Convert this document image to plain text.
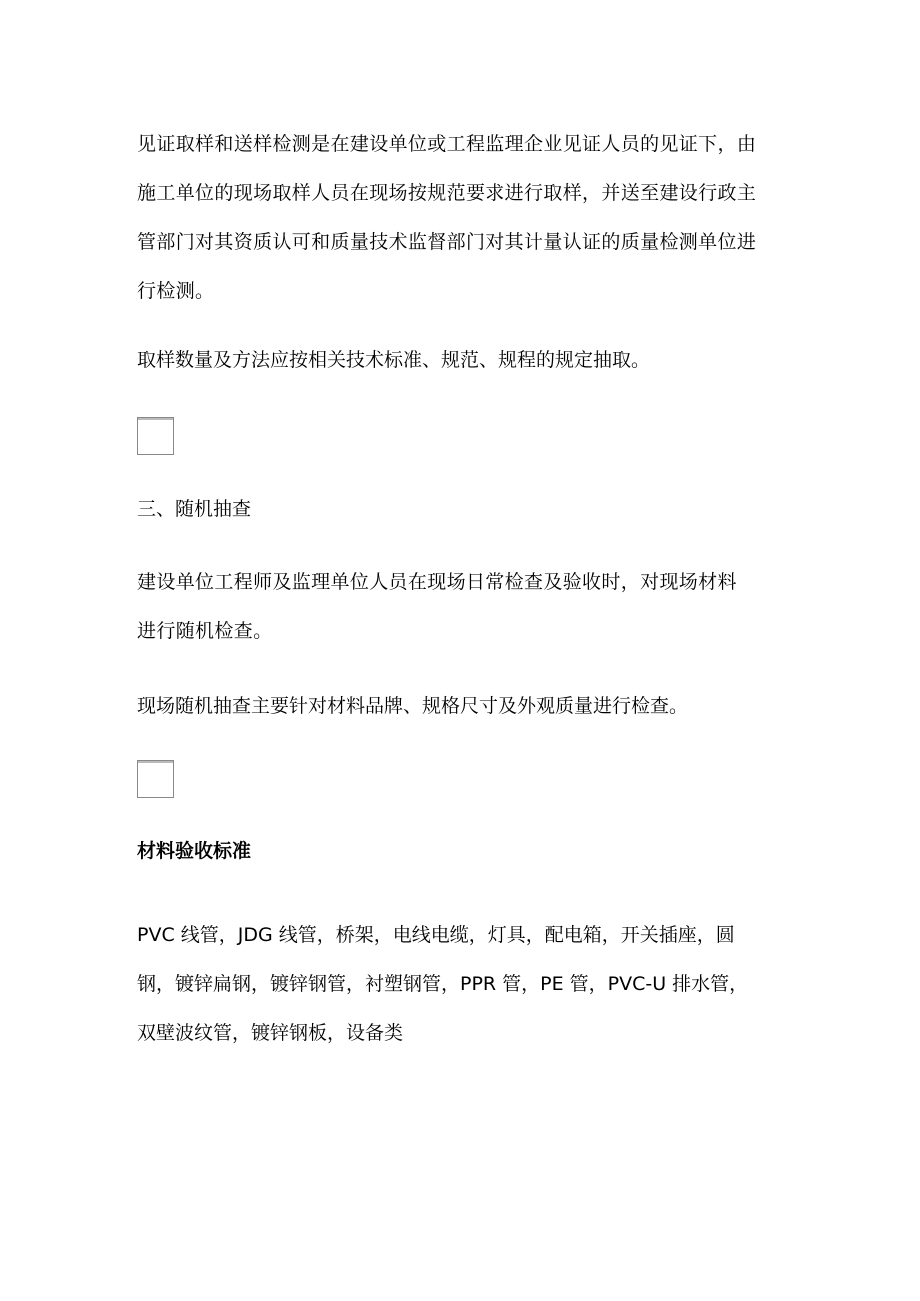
见证取样和送样检测是在建设单位或工程监理企业见证人员的见证下，由
施工单位的现场取样人员在现场按规范要求进行取样，并送至建设行政主
管部门对其资质认可和质量技术监督部门对其计量认证的质量检测单位进
行检测。
取样数量及方法应按相关技术标准、规范、规程的规定抽取。
三、随机抽查
建设单位工程师及监理单位人员在现场日常检查及验收时，对现场材料
进行随机检查。
现场随机抽查主要针对材料品牌、规格尺寸及外观质量进行检查。
材料验收标准
PVC 线管，JDG 线管，桥架，电线电缆，灯具，配电箱，开关插座，圆
钢，镀锌扁钢，镀锌钢管，衬塑钢管，PPR 管，PE 管，PVC-U 排水管，
双壁波纹管，镀锌钢板，设备类
